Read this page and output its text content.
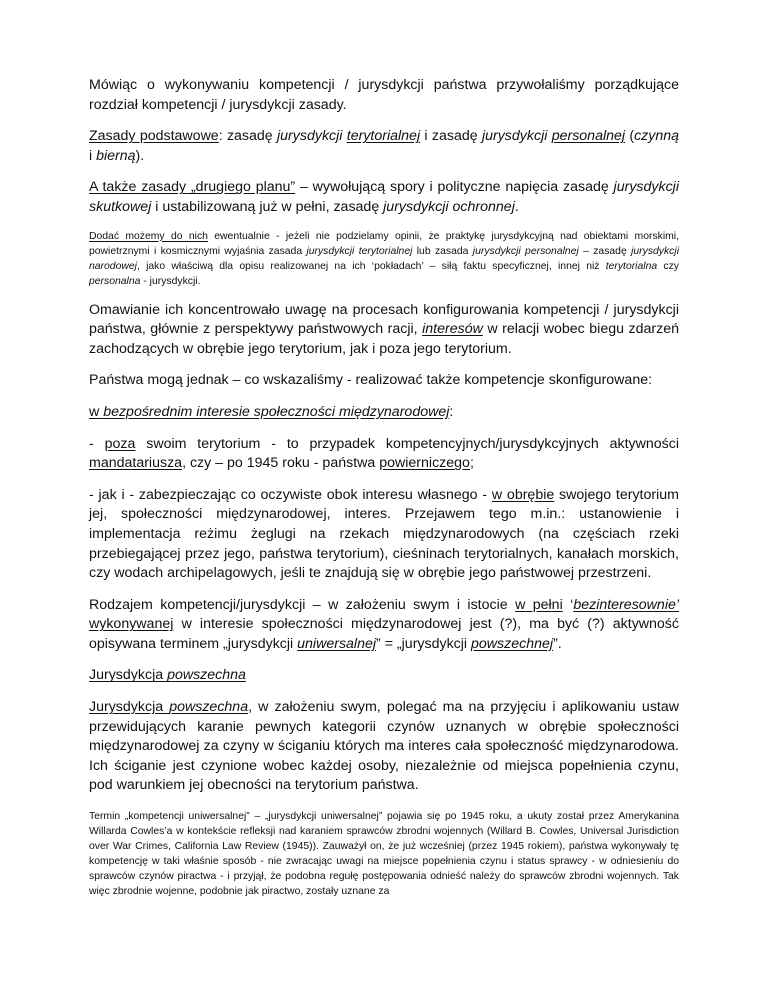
Mówiąc o wykonywaniu kompetencji / jurysdykcji państwa przywołaliśmy porządkujące rozdział kompetencji / jurysdykcji zasady.

Zasady podstawowe: zasadę jurysdykcji terytorialnej i zasadę jurysdykcji personalnej (czynną i bierną).

A także zasady „drugiego planu” – wywołującą spory i polityczne napięcia zasadę jurysdykcji skutkowej i ustabilizowaną już w pełni, zasadę jurysdykcji ochronnej.

Dodać możemy do nich ewentualnie - jeżeli nie podzielamy opinii, że praktykę jurysdykcyjną nad obiektami morskimi, powietrznymi i kosmicznymi wyjaśnia zasada jurysdykcji terytorialnej lub zasada jurysdykcji personalnej – zasadę jurysdykcji narodowej, jako właściwą dla opisu realizowanej na ich ‘pokładach’ – siłą faktu specyficznej, innej niż terytorialna czy personalna - jurysdykcji.

Omawianie ich koncentrowało uwagę na procesach konfigurowania kompetencji / jurysdykcji państwa, głównie z perspektywy państwowych racji, interesów w relacji wobec biegu zdarzeń zachodzących w obrębie jego terytorium, jak i poza jego terytorium.

Państwa mogą jednak – co wskazaliśmy - realizować także kompetencje skonfigurowane:

w bezpośrednim interesie społeczności międzynarodowej:

- poza swoim terytorium - to przypadek kompetencyjnych/jurysdykcyjnych aktywności mandatariusza, czy – po 1945 roku - państwa powierniczego;

- jak i - zabezpieczając co oczywiste obok interesu własnego - w obrębie swojego terytorium jej, społeczności międzynarodowej, interes. Przejawem tego m.in.: ustanowienie i implementacja reżimu żeglugi na rzekach międzynarodowych (na częściach rzeki przebiegającej przez jego, państwa terytorium), cieśninach terytorialnych, kanałach morskich, czy wodach archipelagowych, jeśli te znajdują się w obrębie jego państwowej przestrzeni.

Rodzajem kompetencji/jurysdykcji – w założeniu swym i istocie w pełni ‘bezinteresownie’ wykonywanej w interesie społeczności międzynarodowej jest (?), ma być (?) aktywność opisywana terminem „jurysdykcji uniwersalnej” = „jurysdykcji powszechnej”.

Jurysdykcja powszechna

Jurysdykcja powszechna, w założeniu swym, polegać ma na przyjęciu i aplikowaniu ustaw przewidujących karanie pewnych kategorii czynów uznanych w obrębie społeczności międzynarodowej za czyny w ściganiu których ma interes cała społeczność międzynarodowa. Ich ściganie jest czynione wobec każdej osoby, niezależnie od miejsca popełnienia czynu, pod warunkiem jej obecności na terytorium państwa.

Termin „kompetencji uniwersalnej” – „jurysdykcji uniwersalnej” pojawia się po 1945 roku, a ukuty został przez Amerykanina Willarda Cowles’a w kontekście refleksji nad karaniem sprawców zbrodni wojennych (Willard B. Cowles, Universal Jurisdiction over War Crimes, California Law Review (1945)). Zauważył on, że już wcześniej (przez 1945 rokiem), państwa wykonywały tę kompetencję w taki właśnie sposób - nie zwracając uwagi na miejsce popełnienia czynu i status sprawcy - w odniesieniu do sprawców czynów piractwa - i przyjął, że podobna regułę postępowania odnieść należy do sprawców zbrodni wojennych. Tak więc zbrodnie wojenne, podobnie jak piractwo, zostały uznane za
